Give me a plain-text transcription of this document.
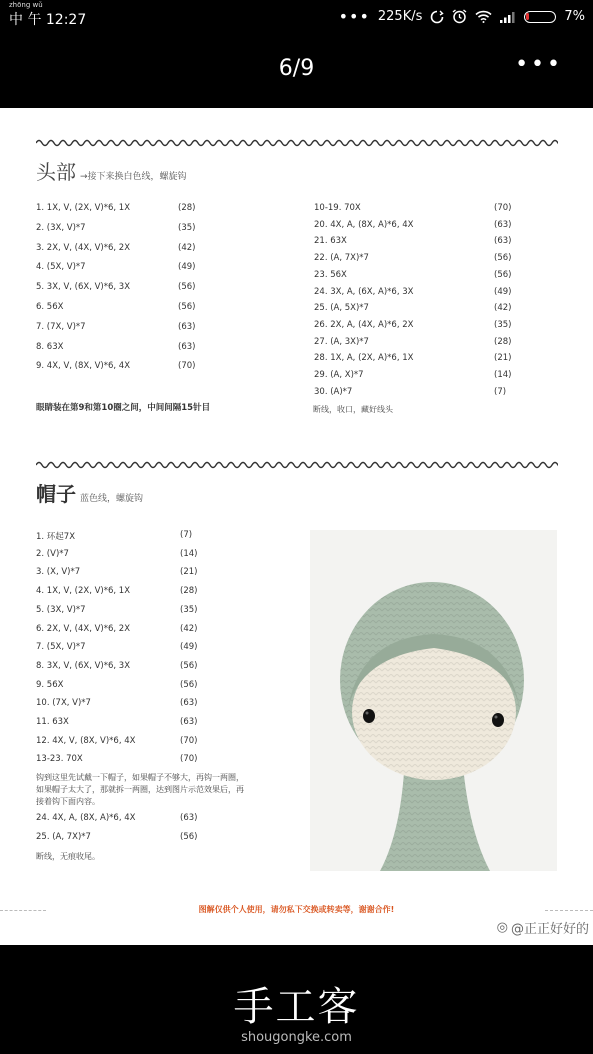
zhōng wǔ
中 午 12:27	••• 225K/s	7%
6/9	•••
头部 →接下来换白色线，螺旋钩
1. 1X, V, (2X, V)*6, 1X	(28)
2. (3X, V)*7	(35)
3. 2X, V, (4X, V)*6, 2X	(42)
4. (5X, V)*7	(49)
5. 3X, V, (6X, V)*6, 3X	(56)
6. 56X	(56)
7. (7X, V)*7	(63)
8. 63X	(63)
9. 4X, V, (8X, V)*6, 4X	(70)
10-19. 70X	(70)
20. 4X, A, (8X, A)*6, 4X	(63)
21. 63X	(63)
22. (A, 7X)*7	(56)
23. 56X	(56)
24. 3X, A, (6X, A)*6, 3X	(49)
25. (A, 5X)*7	(42)
26. 2X, A, (4X, A)*6, 2X	(35)
27. (A, 3X)*7	(28)
28. 1X, A, (2X, A)*6, 1X	(21)
29. (A, X)*7	(14)
30. (A)*7	(7)
眼睛装在第9和第10圈之间，中间间隔15针目	断线，收口，藏好线头
帽子 蓝色线，螺旋钩
1. 环起7X	(7)
2. (V)*7	(14)
3. (X, V)*7	(21)
4. 1X, V, (2X, V)*6, 1X	(28)
5. (3X, V)*7	(35)
6. 2X, V, (4X, V)*6, 2X	(42)
7. (5X, V)*7	(49)
8. 3X, V, (6X, V)*6, 3X	(56)
9. 56X	(56)
10. (7X, V)*7	(63)
11. 63X	(63)
12. 4X, V, (8X, V)*6, 4X	(70)
13-23. 70X	(70)
钩到这里先试戴一下帽子，如果帽子不够大，再钩一两圈，
如果帽子太大了，那就拆一两圈，达到图片示范效果后，再
接着钩下面内容。
24. 4X, A, (8X, A)*6, 4X	(63)
25. (A, 7X)*7	(56)
断线，无痕收尾。
图解仅供个人使用，请勿私下交换或转卖等，谢谢合作!
◎ @正正好好的
手工客
shougongke.com
